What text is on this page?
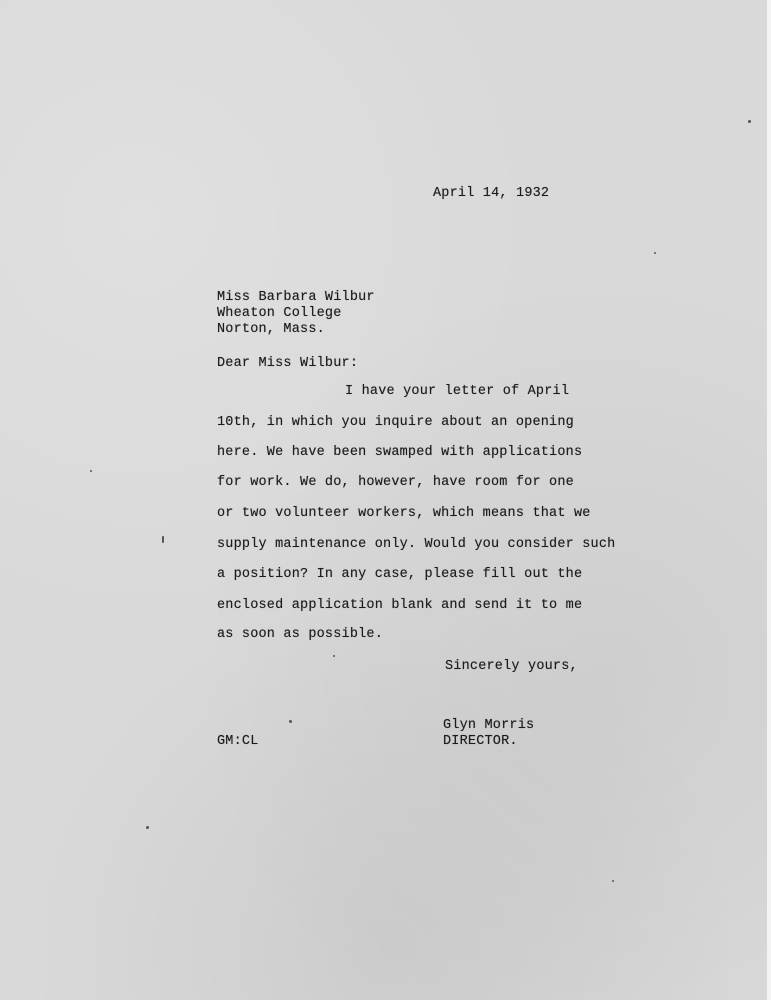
April 14, 1932
Miss Barbara Wilbur
Wheaton College
Norton, Mass.
Dear Miss Wilbur:
I have your letter of April
10th, in which you inquire about an opening
here. We have been swamped with applications
for work. We do, however, have room for one
or two volunteer workers, which means that we
supply maintenance only. Would you consider such
a position? In any case, please fill out the
enclosed application blank and send it to me
as soon as possible.
Sincerely yours,
Glyn Morris
DIRECTOR.
GM:CL
